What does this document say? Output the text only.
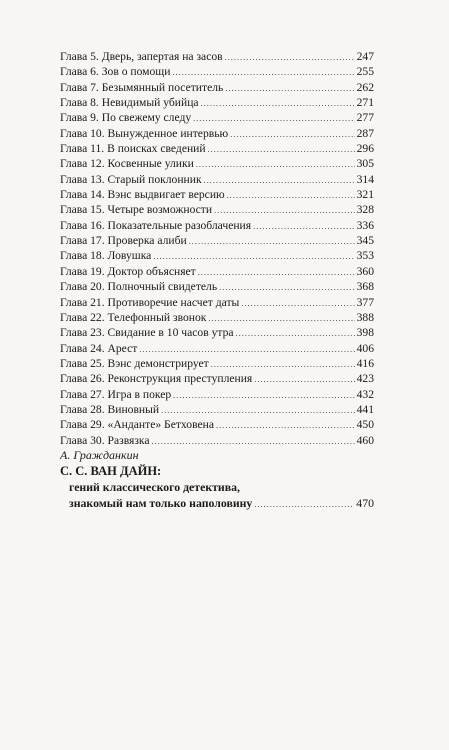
Глава 5. Дверь, запертая на засов .....	247
Глава 6. Зов о помощи .....	255
Глава 7. Безымянный посетитель .....	262
Глава 8. Невидимый убийца .....	271
Глава 9. По свежему следу .....	277
Глава 10. Вынужденное интервью .....	287
Глава 11. В поисках сведений .....	296
Глава 12. Косвенные улики .....	305
Глава 13. Старый поклонник .....	314
Глава 14. Вэнс выдвигает версию .....	321
Глава 15. Четыре возможности .....	328
Глава 16. Показательные разоблачения .....	336
Глава 17. Проверка алиби .....	345
Глава 18. Ловушка .....	353
Глава 19. Доктор объясняет .....	360
Глава 20. Полночный свидетель .....	368
Глава 21. Противоречие насчет даты .....	377
Глава 22. Телефонный звонок .....	388
Глава 23. Свидание в 10 часов утра .....	398
Глава 24. Арест .....	406
Глава 25. Вэнс демонстрирует .....	416
Глава 26. Реконструкция преступления .....	423
Глава 27. Игра в покер .....	432
Глава 28. Виновный .....	441
Глава 29. «Анданте» Бетховена .....	450
Глава 30. Развязка .....	460
А. Гражданкин
С. С. ВАН ДАЙН:
гений классического детектива,
знакомый нам только наполовину .....	470
